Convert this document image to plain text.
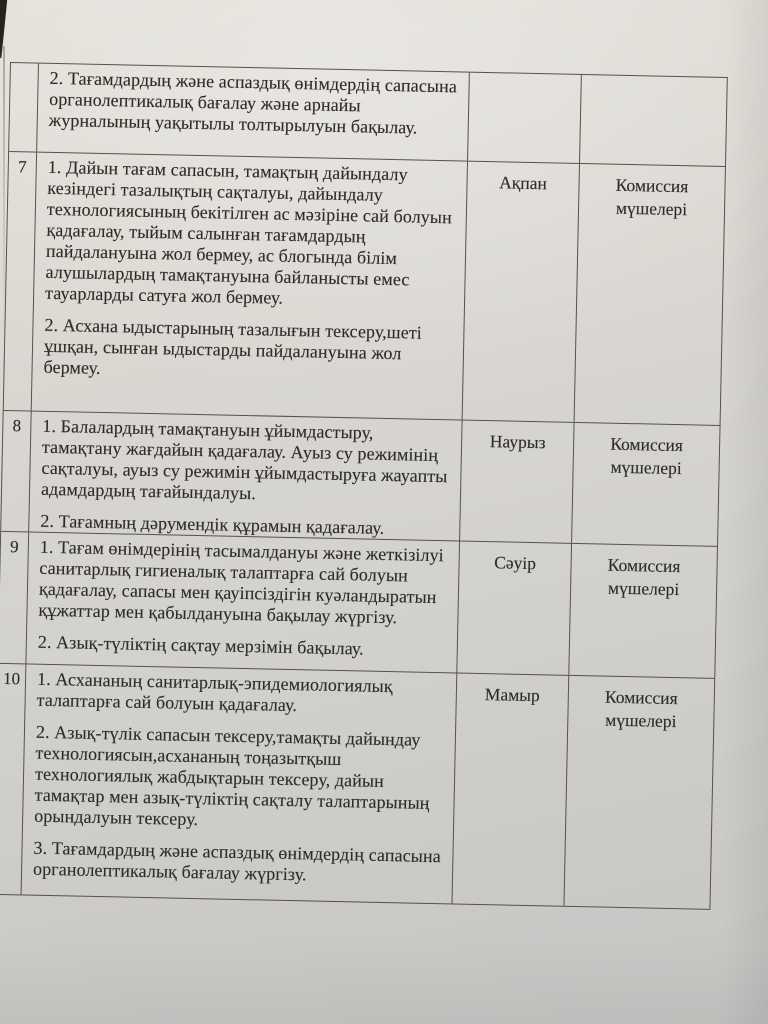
2. Тағамдардың және аспаздық өнімдердің сапасына органолептикалық бағалау және арнайы журналының уақытылы толтырылуын бақылау.

7	1. Дайын тағам сапасын, тамақтың дайындалу кезіндегі тазалықтың сақталуы, дайындалу технологиясының бекітілген ас мәзіріне сай болуын қадағалау, тыйым салынған тағамдардың пайдалануына жол бермеу, ас блогында білім алушылардың тамақтануына байланысты емес тауарларды сатуға жол бермеу.

2. Асхана ыдыстарының тазалығын тексеру,шеті ұшқан, сынған ыдыстарды пайдалануына жол бермеу.

Ақпан	Комиссия мүшелері
8	1. Балалардың тамақтануын ұйымдастыру, тамақтану жағдайын қадағалау. Ауыз су режимінің сақталуы, ауыз су режимін ұйымдастыруға жауапты адамдардың тағайындалуы.

2. Тағамның дәрумендік құрамын қадағалау.

Наурыз	Комиссия мүшелері
9	1. Тағам өнімдерінің тасымалдануы және жеткізілуі санитарлық гигиеналық талаптарға сай болуын қадағалау, сапасы мен қауіпсіздігін куәландыратын құжаттар мен қабылдануына бақылау жүргізу.

2. Азық-түліктің сақтау мерзімін бақылау.

Сәуір	Комиссия мүшелері
10 1. Асхананың санитарлық-эпидемиологиялық талаптарға сай болуын қадағалау.

2. Азық-түлік сапасын тексеру,тамақты дайындау технологиясын,асхананың тоңазытқыш технологиялық жабдықтарын тексеру, дайын тамақтар мен азық-түліктің сақталу талаптарының орындалуын тексеру.

3. Тағамдардың және аспаздық өнімдердің сапасына органолептикалық бағалау жүргізу.

Мамыр	Комиссия мүшелері
